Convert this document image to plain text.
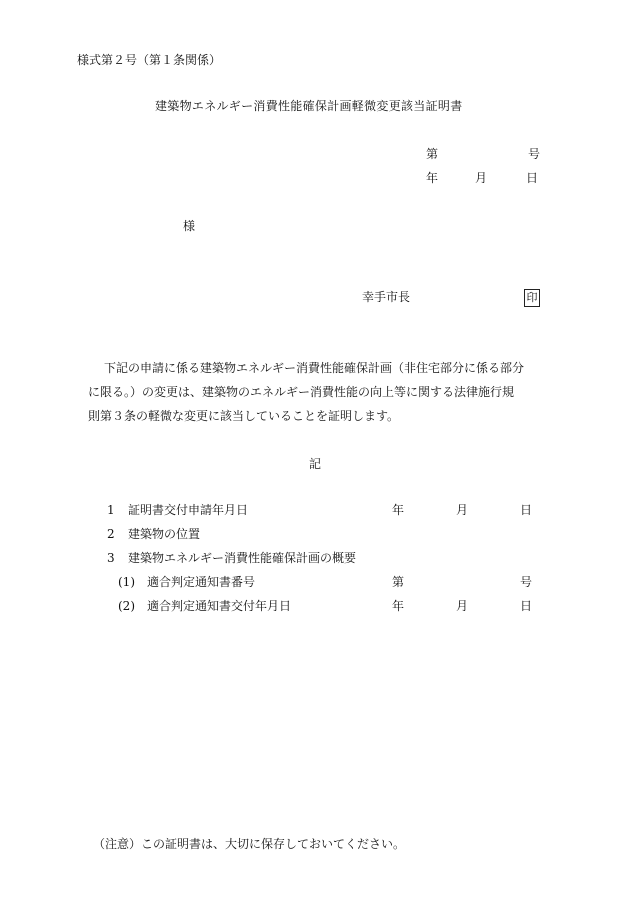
様式第２号（第１条関係）
建築物エネルギー消費性能確保計画軽微変更該当証明書
第	号
年	月	日
様
幸手市長	印

下記の申請に係る建築物エネルギー消費性能確保計画（非住宅部分に係る部分

に限る。）の変更は、建築物のエネルギー消費性能の向上等に関する法律施行規

則第３条の軽微な変更に該当していることを証明します。

記
1 証明書交付申請年月日	年	月	日
2 建築物の位置
3 建築物エネルギー消費性能確保計画の概要
(1) 適合判定通知書番号	第	号
(2) 適合判定通知書交付年月日	年	月	日
（注意）この証明書は、大切に保存しておいてください。
